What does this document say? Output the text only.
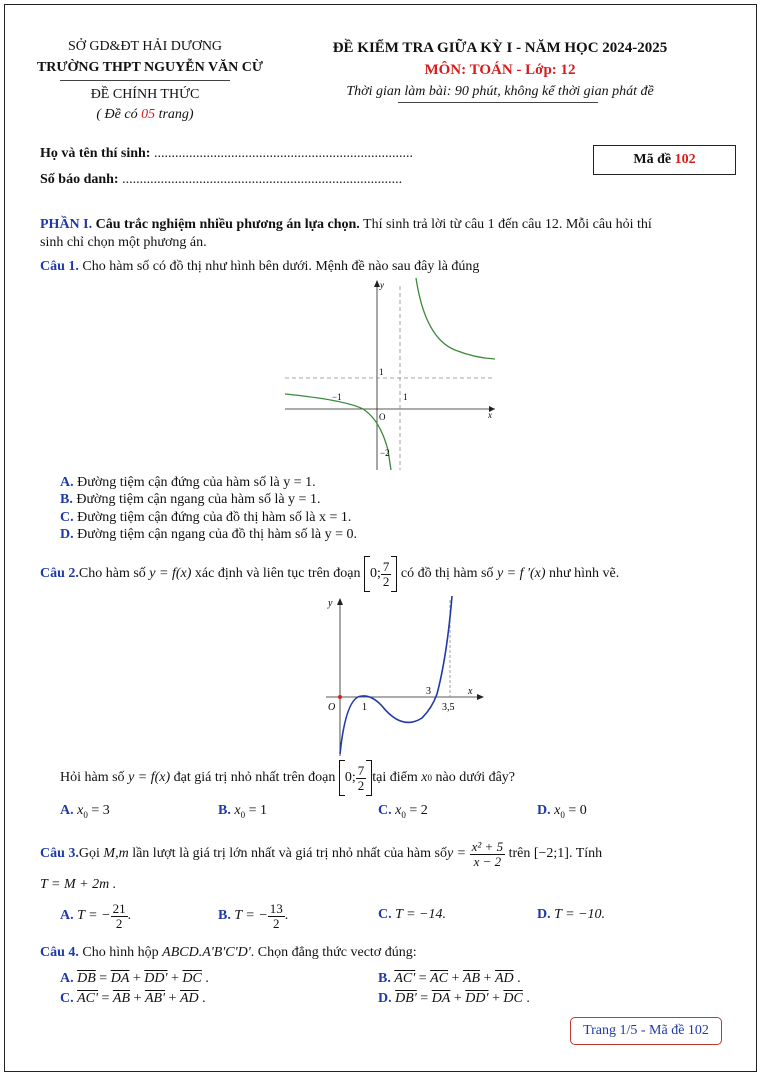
SỞ GD&ĐT HẢI DƯƠNG
TRƯỜNG THPT NGUYỄN VĂN CỪ
ĐỀ CHÍNH THỨC
( Đề có 05 trang)
ĐỀ KIỂM TRA GIỮA KỲ I - NĂM HỌC 2024-2025
MÔN: TOÁN - Lớp: 12
Thời gian làm bài: 90 phút, không kể thời gian phát đề
Họ và tên thí sinh: ..........................................................................
Số báo danh: ................................................................................
Mã đề 102
PHẦN I. Câu trắc nghiệm nhiều phương án lựa chọn. Thí sinh trả lời từ câu 1 đến câu 12. Mỗi câu hỏi thí
sinh chỉ chọn một phương án.
Câu 1. Cho hàm số có đồ thị như hình bên dưới. Mệnh đề nào sau đây là đúng
y
x
1
−1
O
1
−2
A. Đường tiệm cận đứng của hàm số là y = 1.
B. Đường tiệm cận ngang của hàm số là y = 1.
C. Đường tiệm cận đứng của đồ thị hàm số là x = 1.
D. Đường tiệm cận ngang của đồ thị hàm số là y = 0.
Câu 2. Cho hàm số
y = f(x)
xác định và liên tục trên đoạn
0; $\frac{7}{2}$
có đồ thị hàm số
y = f '(x)
như hình vẽ.
y
x
O	1
3
3,5
Hỏi hàm số
y = f(x)
đạt giá trị nhỏ nhất trên đoạn
0; $\frac{7}{2}$ tại điểm
x 0
nào dưới đây?
A. $x_0 = 3$	B. $x_0 = 1$	C. $x_0 = 2$	D. $x_0 = 0$
Câu 3. Gọi
M , m
lần lượt là giá trị lớn nhất và giá trị nhỏ nhất của hàm số y =
$\frac{\text{x² + 5}}{x - 2}$
trên
[−2;1] . Tính
T = M + 2m .
A.
T = − $\frac{21}{2}$ .	B.
T = − $\frac{13}{2}$ .	C. T = −14.	D. T = −10.
Câu 4. Cho hình hộp ABCD.A'B'C'D'. Chọn đẳng thức vectơ đúng:
A. $\overline{DB} = \overline{DA} + DD' + \overline{DC}$ .	B. $AC' = \overline{AC} + \overline{AB} + \overline{AD}$ .
C. $AC' = \overline{AB} + AB' + \overline{AD}$ .	D. $DB' = \overline{DA} + DD' + \overline{DC}$ .
Trang 1/5 - Mã đề 102
